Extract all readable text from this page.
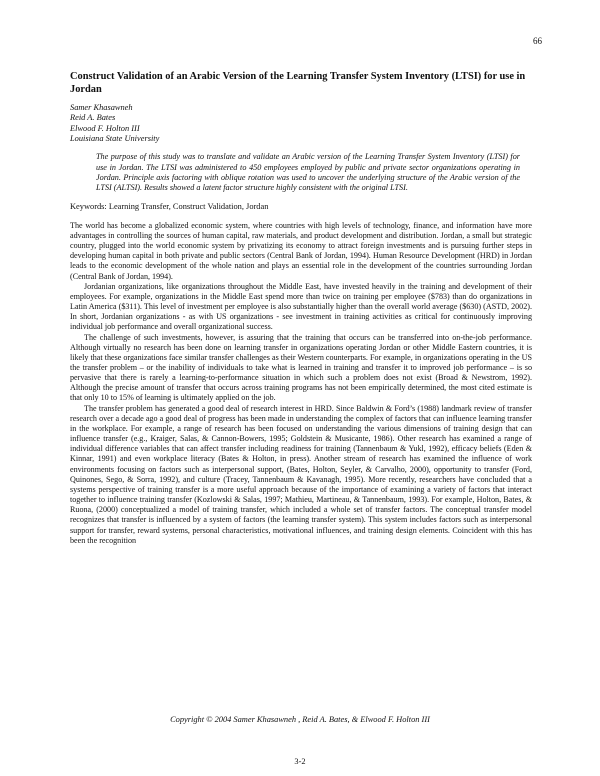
66
Construct Validation of an Arabic Version of the Learning Transfer System Inventory (LTSI) for use in Jordan
Samer Khasawneh
Reid A. Bates
Elwood F. Holton III
Louisiana State University
The purpose of this study was to translate and validate an Arabic version of the Learning Transfer System Inventory (LTSI) for use in Jordan. The LTSI was administered to 450 employees employed by public and private sector organizations operating in Jordan. Principle axis factoring with oblique rotation was used to uncover the underlying structure of the Arabic version of the LTSI (ALTSI). Results showed a latent factor structure highly consistent with the original LTSI.
Keywords: Learning Transfer, Construct Validation, Jordan

The world has become a globalized economic system, where countries with high levels of technology, finance, and information have more advantages in controlling the sources of human capital, raw materials, and product development and distribution. Jordan, a small but strategic country, plugged into the world economic system by privatizing its economy to attract foreign investments and is pursuing further steps in developing human capital in both private and public sectors (Central Bank of Jordan, 1994). Human Resource Development (HRD) in Jordan leads to the economic development of the whole nation and plays an essential role in the development of the countries surrounding Jordan (Central Bank of Jordan, 1994).

Jordanian organizations, like organizations throughout the Middle East, have invested heavily in the training and development of their employees. For example, organizations in the Middle East spend more than twice on training per employee ($783) than do organizations in Latin America ($311). This level of investment per employee is also substantially higher than the overall world average ($630) (ASTD, 2002). In short, Jordanian organizations - as with US organizations - see investment in training activities as critical for continuously improving individual job performance and overall organizational success.

The challenge of such investments, however, is assuring that the training that occurs can be transferred into on-the-job performance. Although virtually no research has been done on learning transfer in organizations operating Jordan or other Middle Eastern countries, it is likely that these organizations face similar transfer challenges as their Western counterparts. For example, in organizations operating in the US the transfer problem – or the inability of individuals to take what is learned in training and transfer it to improved job performance – is so pervasive that there is rarely a learning-to-performance situation in which such a problem does not exist (Broad & Newstrom, 1992). Although the precise amount of transfer that occurs across training programs has not been empirically determined, the most cited estimate is that only 10 to 15% of learning is ultimately applied on the job.

The transfer problem has generated a good deal of research interest in HRD. Since Baldwin & Ford’s (1988) landmark review of transfer research over a decade ago a good deal of progress has been made in understanding the complex of factors that can influence learning transfer in the workplace. For example, a range of research has been focused on understanding the various dimensions of training design that can influence transfer (e.g., Kraiger, Salas, & Cannon-Bowers, 1995; Goldstein & Musicante, 1986). Other research has examined a range of individual difference variables that can affect transfer including readiness for training (Tannenbaum & Yukl, 1992), efficacy beliefs (Eden & Kinnar, 1991) and even workplace literacy (Bates & Holton, in press). Another stream of research has examined the influence of work environments focusing on factors such as interpersonal support, (Bates, Holton, Seyler, & Carvalho, 2000), opportunity to transfer (Ford, Quinones, Sego, & Sorra, 1992), and culture (Tracey, Tannenbaum & Kavanagh, 1995). More recently, researchers have concluded that a systems perspective of training transfer is a more useful approach because of the importance of examining a variety of factors that interact together to influence training transfer (Kozlowski & Salas, 1997; Mathieu, Martineau, & Tannenbaum, 1993). For example, Holton, Bates, & Ruona, (2000) conceptualized a model of training transfer, which included a whole set of transfer factors. The conceptual transfer model recognizes that transfer is influenced by a system of factors (the learning transfer system). This system includes factors such as interpersonal support for transfer, reward systems, personal characteristics, motivational influences, and training design elements. Coincident with this has been the recognition

Copyright © 2004 Samer Khasawneh , Reid A. Bates, & Elwood F. Holton III
3-2
